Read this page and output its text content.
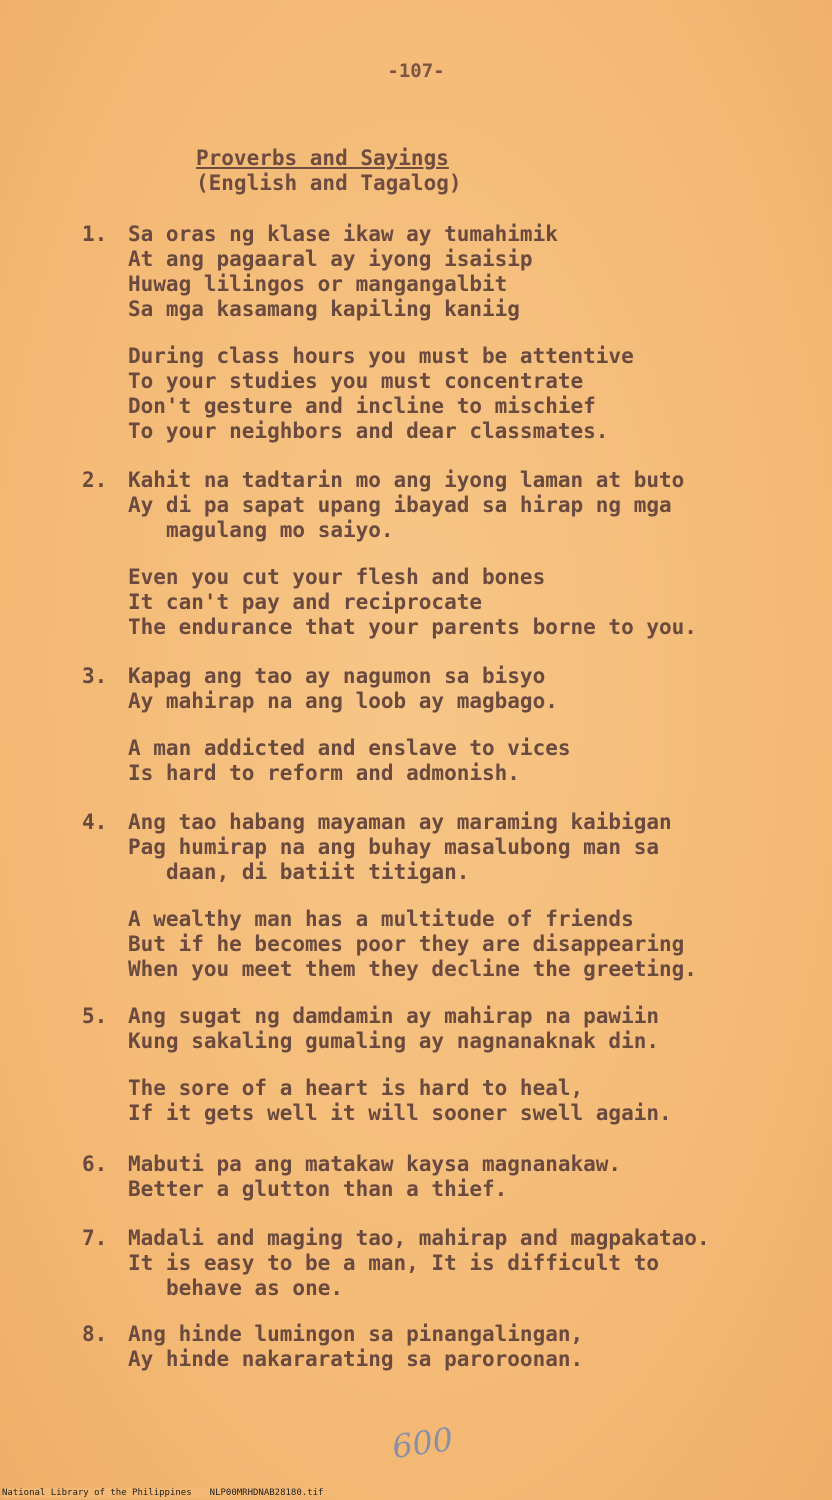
-107-
Proverbs and Sayings
(English and Tagalog)
1. Sa oras ng klase ikaw ay tumahimik
At ang pagaaral ay iyong isaisip
Huwag lilingos or mangangalbit
Sa mga kasamang kapiling kaniig
During class hours you must be attentive
To your studies you must concentrate
Don't gesture and incline to mischief
To your neighbors and dear classmates.
2. Kahit na tadtarin mo ang iyong laman at buto
Ay di pa sapat upang ibayad sa hirap ng mga
magulang mo saiyo.
Even you cut your flesh and bones
It can't pay and reciprocate
The endurance that your parents borne to you.
3. Kapag ang tao ay nagumon sa bisyo
Ay mahirap na ang loob ay magbago.
A man addicted and enslave to vices
Is hard to reform and admonish.
4. Ang tao habang mayaman ay maraming kaibigan
Pag humirap na ang buhay masalubong man sa
daan, di batiit titigan.
A wealthy man has a multitude of friends
But if he becomes poor they are disappearing
When you meet them they decline the greeting.
5. Ang sugat ng damdamin ay mahirap na pawiin
Kung sakaling gumaling ay nagnanaknak din.
The sore of a heart is hard to heal,
If it gets well it will sooner swell again.
6. Mabuti pa ang matakaw kaysa magnanakaw.
Better a glutton than a thief.
7. Madali and maging tao, mahirap and magpakatao.
It is easy to be a man, It is difficult to
behave as one.
8. Ang hinde lumingon sa pinangalingan,
Ay hinde nakararating sa paroroonan.
600
National Library of the Philippines NLP00MRHDNAB28180.tif
